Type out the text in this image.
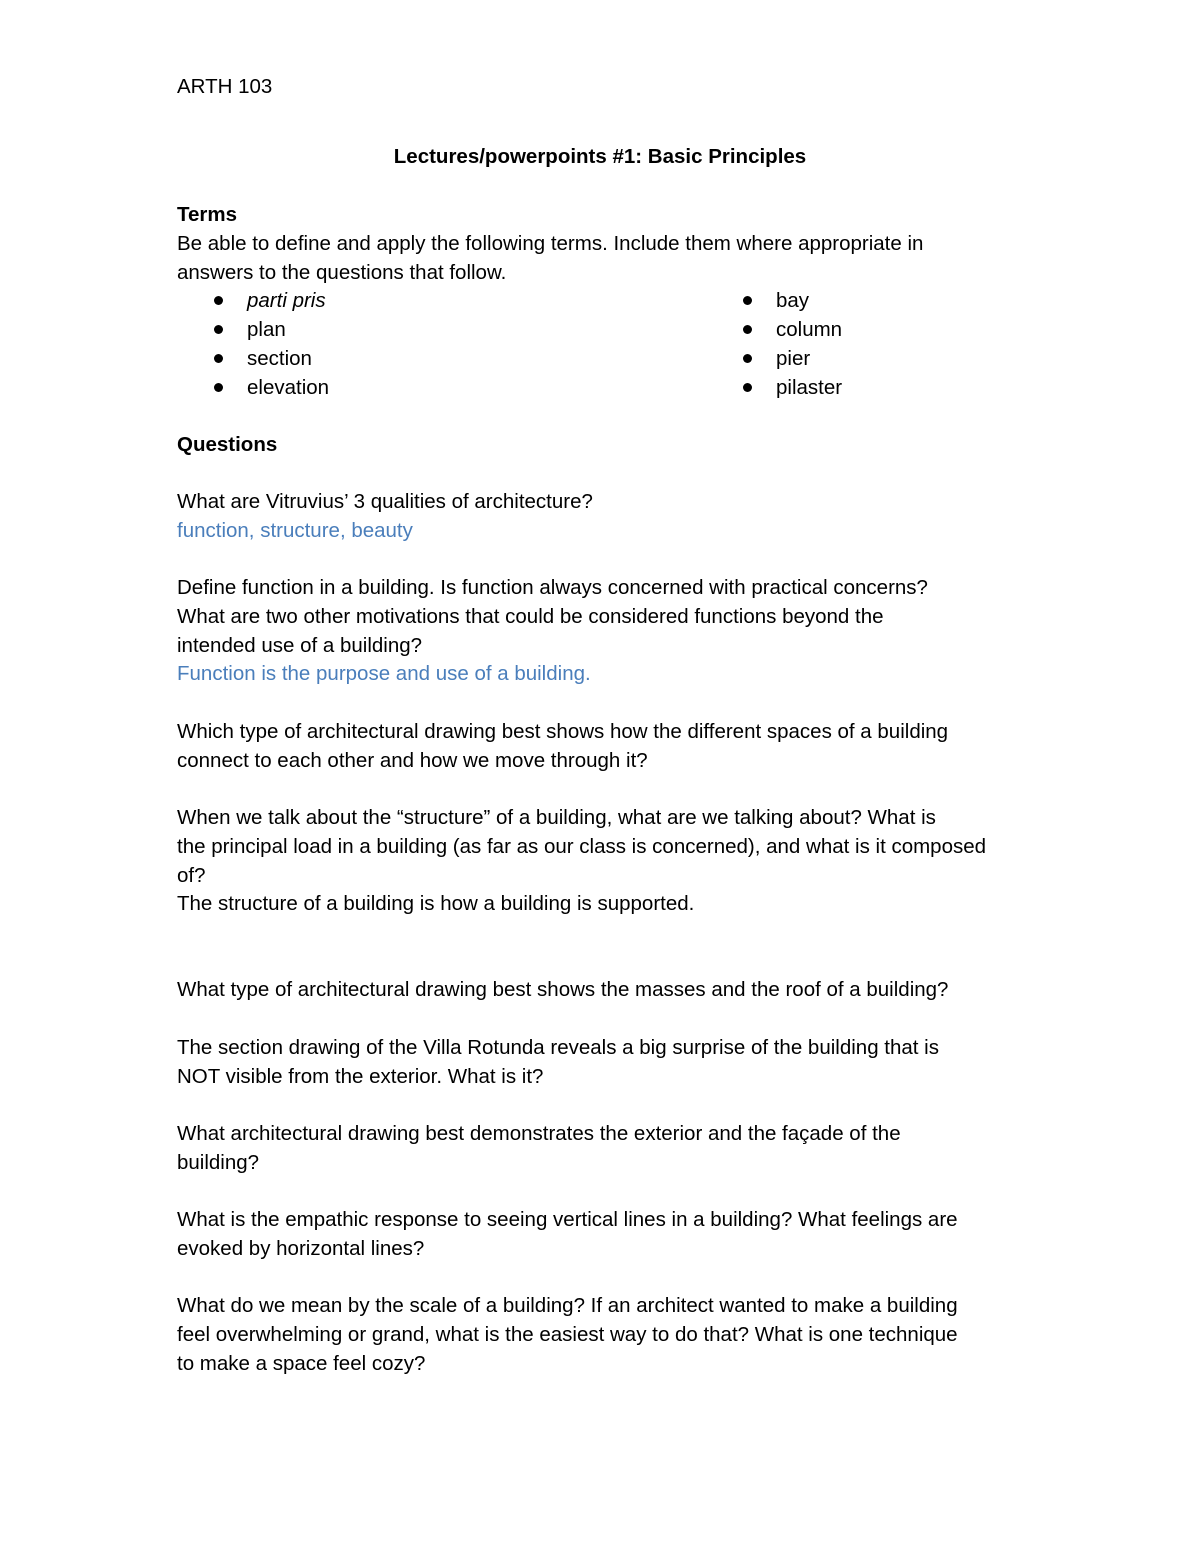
ARTH 103

Lectures/powerpoints #1: Basic Principles

Terms

Be able to define and apply the following terms. Include them where appropriate in

answers to the questions that follow.

parti pris
plan
section
elevation
bay
column
pier
pilaster

Questions

What are Vitruvius’ 3 qualities of architecture?

function, structure, beauty

Define function in a building. Is function always concerned with practical concerns?

What are two other motivations that could be considered functions beyond the

intended use of a building?

Function is the purpose and use of a building.

Which type of architectural drawing best shows how the different spaces of a building

connect to each other and how we move through it?

When we talk about the “structure” of a building, what are we talking about? What is

the principal load in a building (as far as our class is concerned), and what is it composed

of?

The structure of a building is how a building is supported.

What type of architectural drawing best shows the masses and the roof of a building?

The section drawing of the Villa Rotunda reveals a big surprise of the building that is

NOT visible from the exterior. What is it?

What architectural drawing best demonstrates the exterior and the façade of the

building?

What is the empathic response to seeing vertical lines in a building? What feelings are

evoked by horizontal lines?

What do we mean by the scale of a building? If an architect wanted to make a building

feel overwhelming or grand, what is the easiest way to do that? What is one technique

to make a space feel cozy?
